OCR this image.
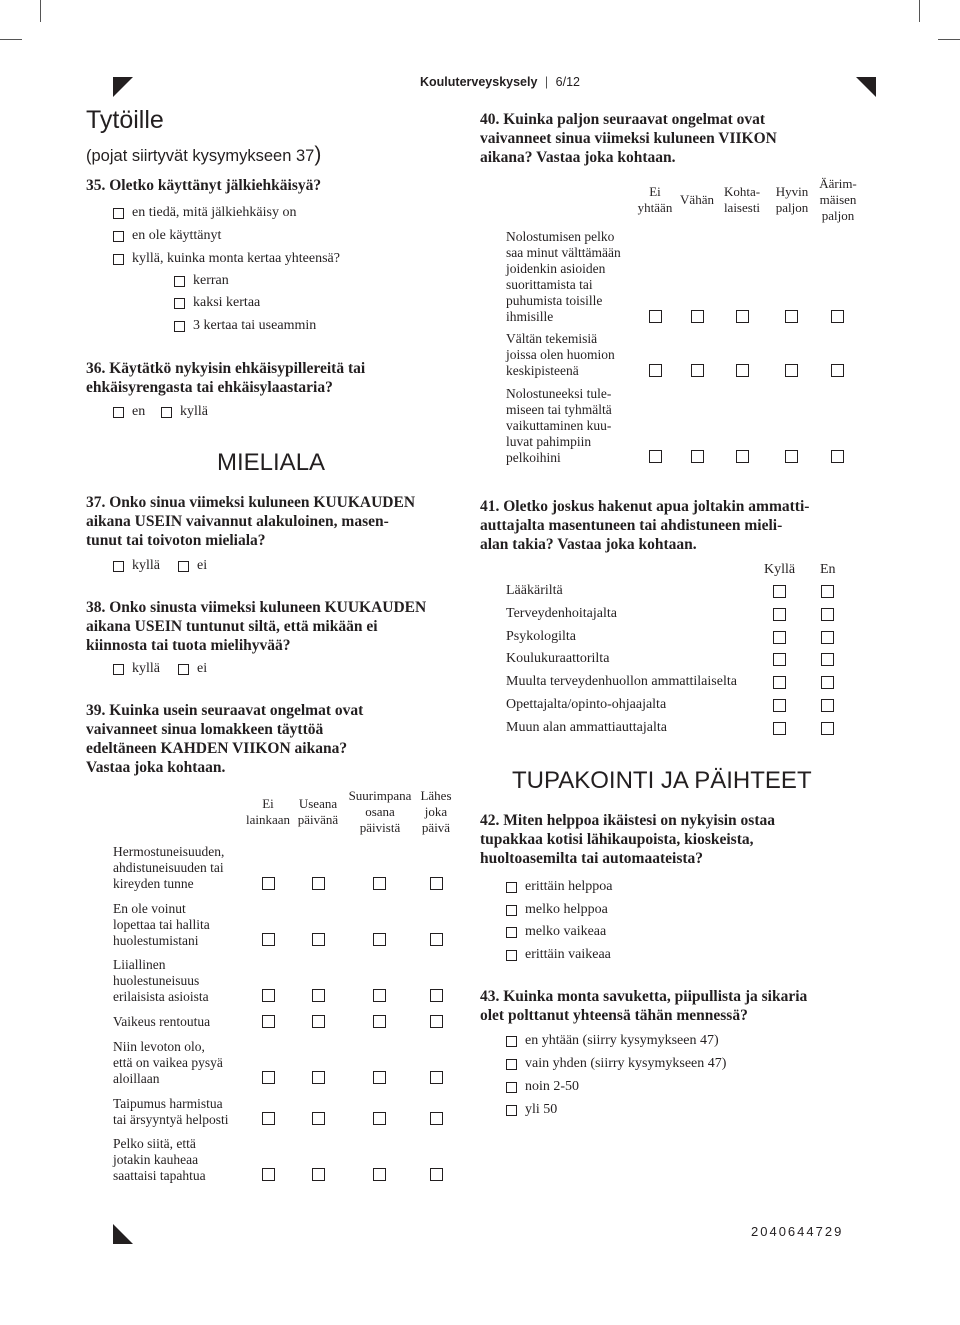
Kouluterveyskysely | 6/12
Tytöille
(pojat siirtyvät kysymykseen 37)
35. Oletko käyttänyt jälkiehkäisyä?
en tiedä, mitä jälkiehkäisy on
en ole käyttänyt
kyllä, kuinka monta kertaa yhteensä?
kerran
kaksi kertaa
3 kertaa tai useammin
36. Käytätkö nykyisin ehkäisypillereitä tai
ehkäisyrengasta tai ehkäisylaastaria?
en kyllä
MIELIALA
37. Onko sinua viimeksi kuluneen KUUKAUDEN
aikana USEIN vaivannut alakuloinen, masen-
tunut tai toivoton mieliala?
kyllä	ei
38. Onko sinusta viimeksi kuluneen KUUKAUDEN
aikana USEIN tuntunut siltä, että mikään ei
kiinnosta tai tuota mielihyvää?
kyllä	ei
39. Kuinka usein seuraavat ongelmat ovat
vaivanneet sinua lomakkeen täyttöä
edeltäneen KAHDEN VIIKON aikana?
Vastaa joka kohtaan.
Ei
lainkaan
Useana
päivänä
Suurimpana
osana
päivistä
Lähes
joka
päivä
Hermostuneisuuden,
ahdistuneisuuden tai
kireyden tunne
En ole voinut
lopettaa tai hallita
huolestumistani
Liiallinen
huolestuneisuus
erilaisista asioista
Vaikeus rentoutua
Niin levoton olo,
että on vaikea pysyä
aloillaan
Taipumus harmistua
tai ärsyyntyä helposti
Pelko siitä, että
jotakin kauheaa
saattaisi tapahtua
40. Kuinka paljon seuraavat ongelmat ovat
vaivanneet sinua viimeksi kuluneen VIIKON
aikana? Vastaa joka kohtaan.
Ei
yhtään
Vähän
Kohta-
laisesti
Hyvin
paljon
Äärim-
mäisen
paljon
Nolostumisen pelko
saa minut välttämään
joidenkin asioiden
suorittamista tai
puhumista toisille
ihmisille
Vältän tekemisiä
joissa olen huomion
keskipisteenä
Nolostuneeksi tule-
miseen tai tyhmältä
vaikuttaminen kuu-
luvat pahimpiin
pelkoihini
41. Oletko joskus hakenut apua joltakin ammatti-
auttajalta masentuneen tai ahdistuneen mieli-
alan takia? Vastaa joka kohtaan.
Kyllä En
Lääkäriltä
Terveydenhoitajalta
Psykologilta
Koulukuraattorilta
Muulta terveydenhuollon ammattilaiselta
Opettajalta/opinto-ohjaajalta
Muun alan ammattiauttajalta
TUPAKOINTI JA PÄIHTEET
42. Miten helppoa ikäistesi on nykyisin ostaa
tupakkaa kotisi lähikaupoista, kioskeista,
huoltoasemilta tai automaateista?
erittäin helppoa
melko helppoa
melko vaikeaa
erittäin vaikeaa
43. Kuinka monta savuketta, piipullista ja sikaria
olet polttanut yhteensä tähän mennessä?
en yhtään (siirry kysymykseen 47)
vain yhden (siirry kysymykseen 47)
noin 2-50
yli 50
2040644729
